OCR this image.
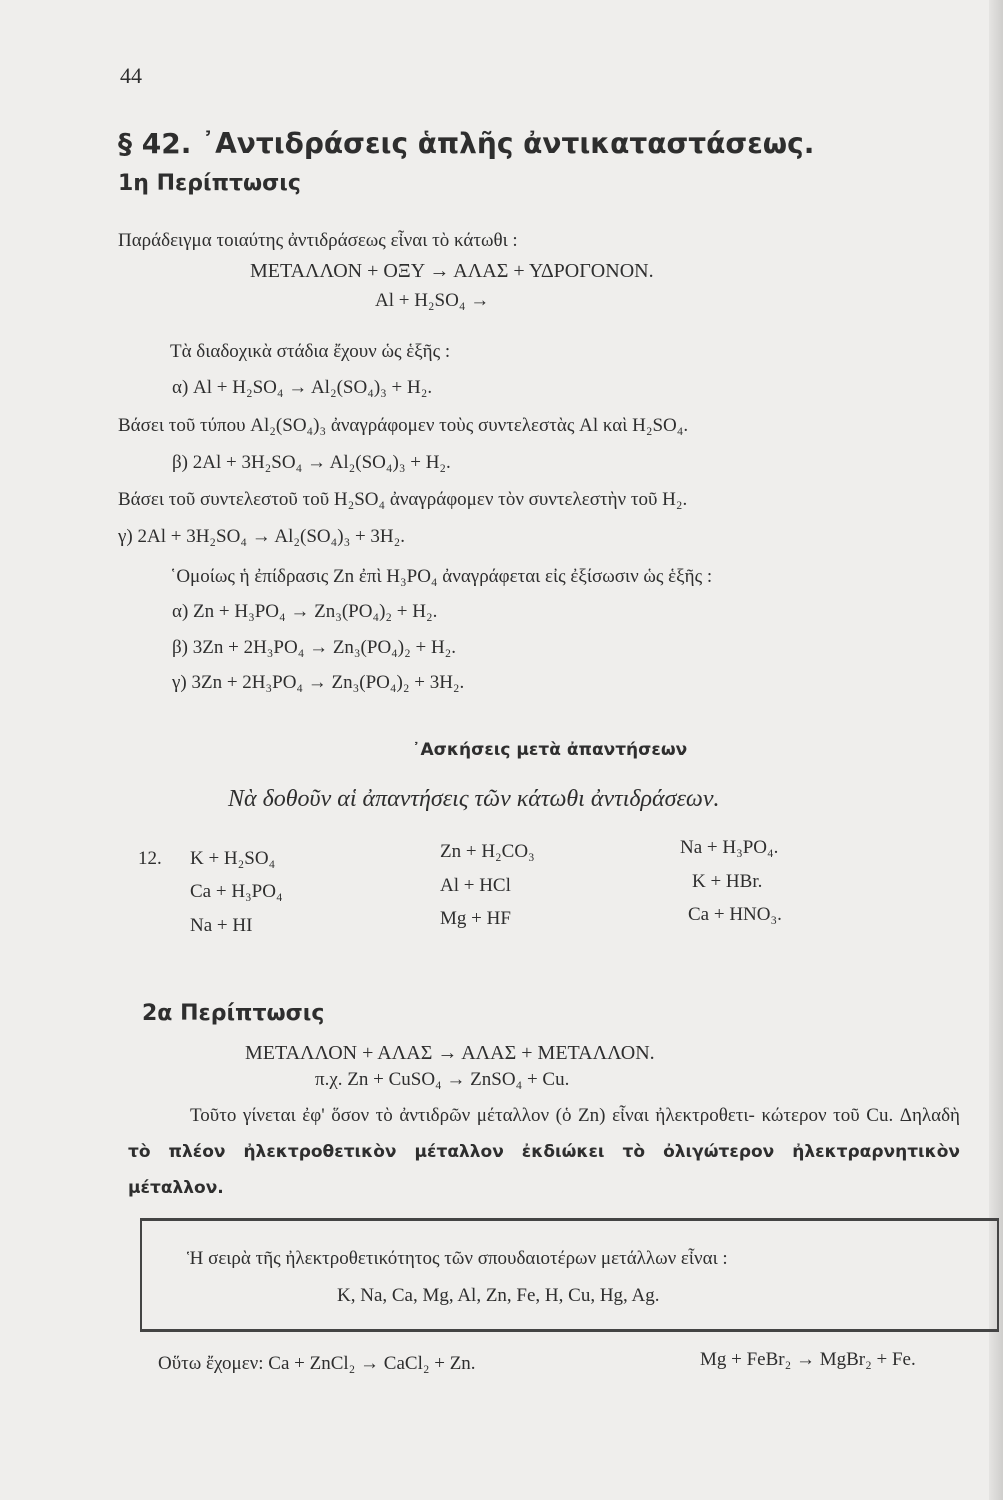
44
§ 42. ᾿Αντιδράσεις ἁπλῆς ἀντικαταστάσεως.
1η Περίπτωσις
Παράδειγμα τοιαύτης ἀντιδράσεως εἶναι τὸ κάτωθι :
ΜΕΤΑΛΛΟΝ + ΟΞΥ → ΑΛΑΣ + ΥΔΡΟΓΟΝΟΝ.
Al + H₂SO₄ →
Τὰ διαδοχικὰ στάδια ἔχουν ὡς ἑξῆς :
α) Al + H₂SO₄ → Al₂(SO₄)₃ + H₂.
Βάσει τοῦ τύπου Al₂(SO₄)₃ ἀναγράφομεν τοὺς συντελεστὰς Al καὶ H₂SO₄.
β) 2Al + 3H₂SO₄ → Al₂(SO₄)₃ + H₂.
Βάσει τοῦ συντελεστοῦ τοῦ H₂SO₄ ἀναγράφομεν τὸν συντελεστὴν τοῦ H₂.
γ) 2Al + 3H₂SO₄ → Al₂(SO₄)₃ + 3H₂.
῾Ομοίως ἡ ἐπίδρασις Zn ἐπὶ H₃PO₄ ἀναγράφεται εἰς ἐξίσωσιν ὡς ἑξῆς :
α) Zn + H₃PO₄ → Zn₃(PO₄)₂ + H₂.
β) 3Zn + 2H₃PO₄ → Zn₃(PO₄)₂ + H₂.
γ) 3Zn + 2H₃PO₄ → Zn₃(PO₄)₂ + 3H₂.
᾿Ασκήσεις μετὰ ἀπαντήσεων
Νὰ δοθοῦν αἱ ἀπαντήσεις τῶν κάτωθι ἀντιδράσεων.
12. K + H₂SO₄	Zn + H₂CO₃	Na + H₃PO₄.
Ca + H₃PO₄	Al + HCl	K + HBr.
Na + HI	Mg + HF	Ca + HNO₃.
2α Περίπτωσις
ΜΕΤΑΛΛΟΝ + ΑΛΑΣ → ΑΛΑΣ + ΜΕΤΑΛΛΟΝ.
π.χ. Zn + CuSO₄ → ZnSO₄ + Cu.
Τοῦτο γίνεται ἐφ' ὅσον τὸ ἀντιδρῶν μέταλλον (ὁ Zn) εἶναι ἠλεκτροθετι- κώτερον τοῦ Cu. Δηλαδὴ τὸ πλέον ἠλεκτροθετικὸν μέταλλον ἐκδιώκει τὸ ὀλιγώτερον ἠλεκτραρνητικὸν μέταλλον.
Ἡ σειρὰ τῆς ἠλεκτροθετικότητος τῶν σπουδαιοτέρων μετάλλων εἶναι :
K, Na, Ca, Mg, Al, Zn, Fe, H, Cu, Hg, Ag.
Οὕτω ἔχομεν: Ca + ZnCl₂ → CaCl₂ + Zn.	Mg + FeBr₂ → MgBr₂ + Fe.
